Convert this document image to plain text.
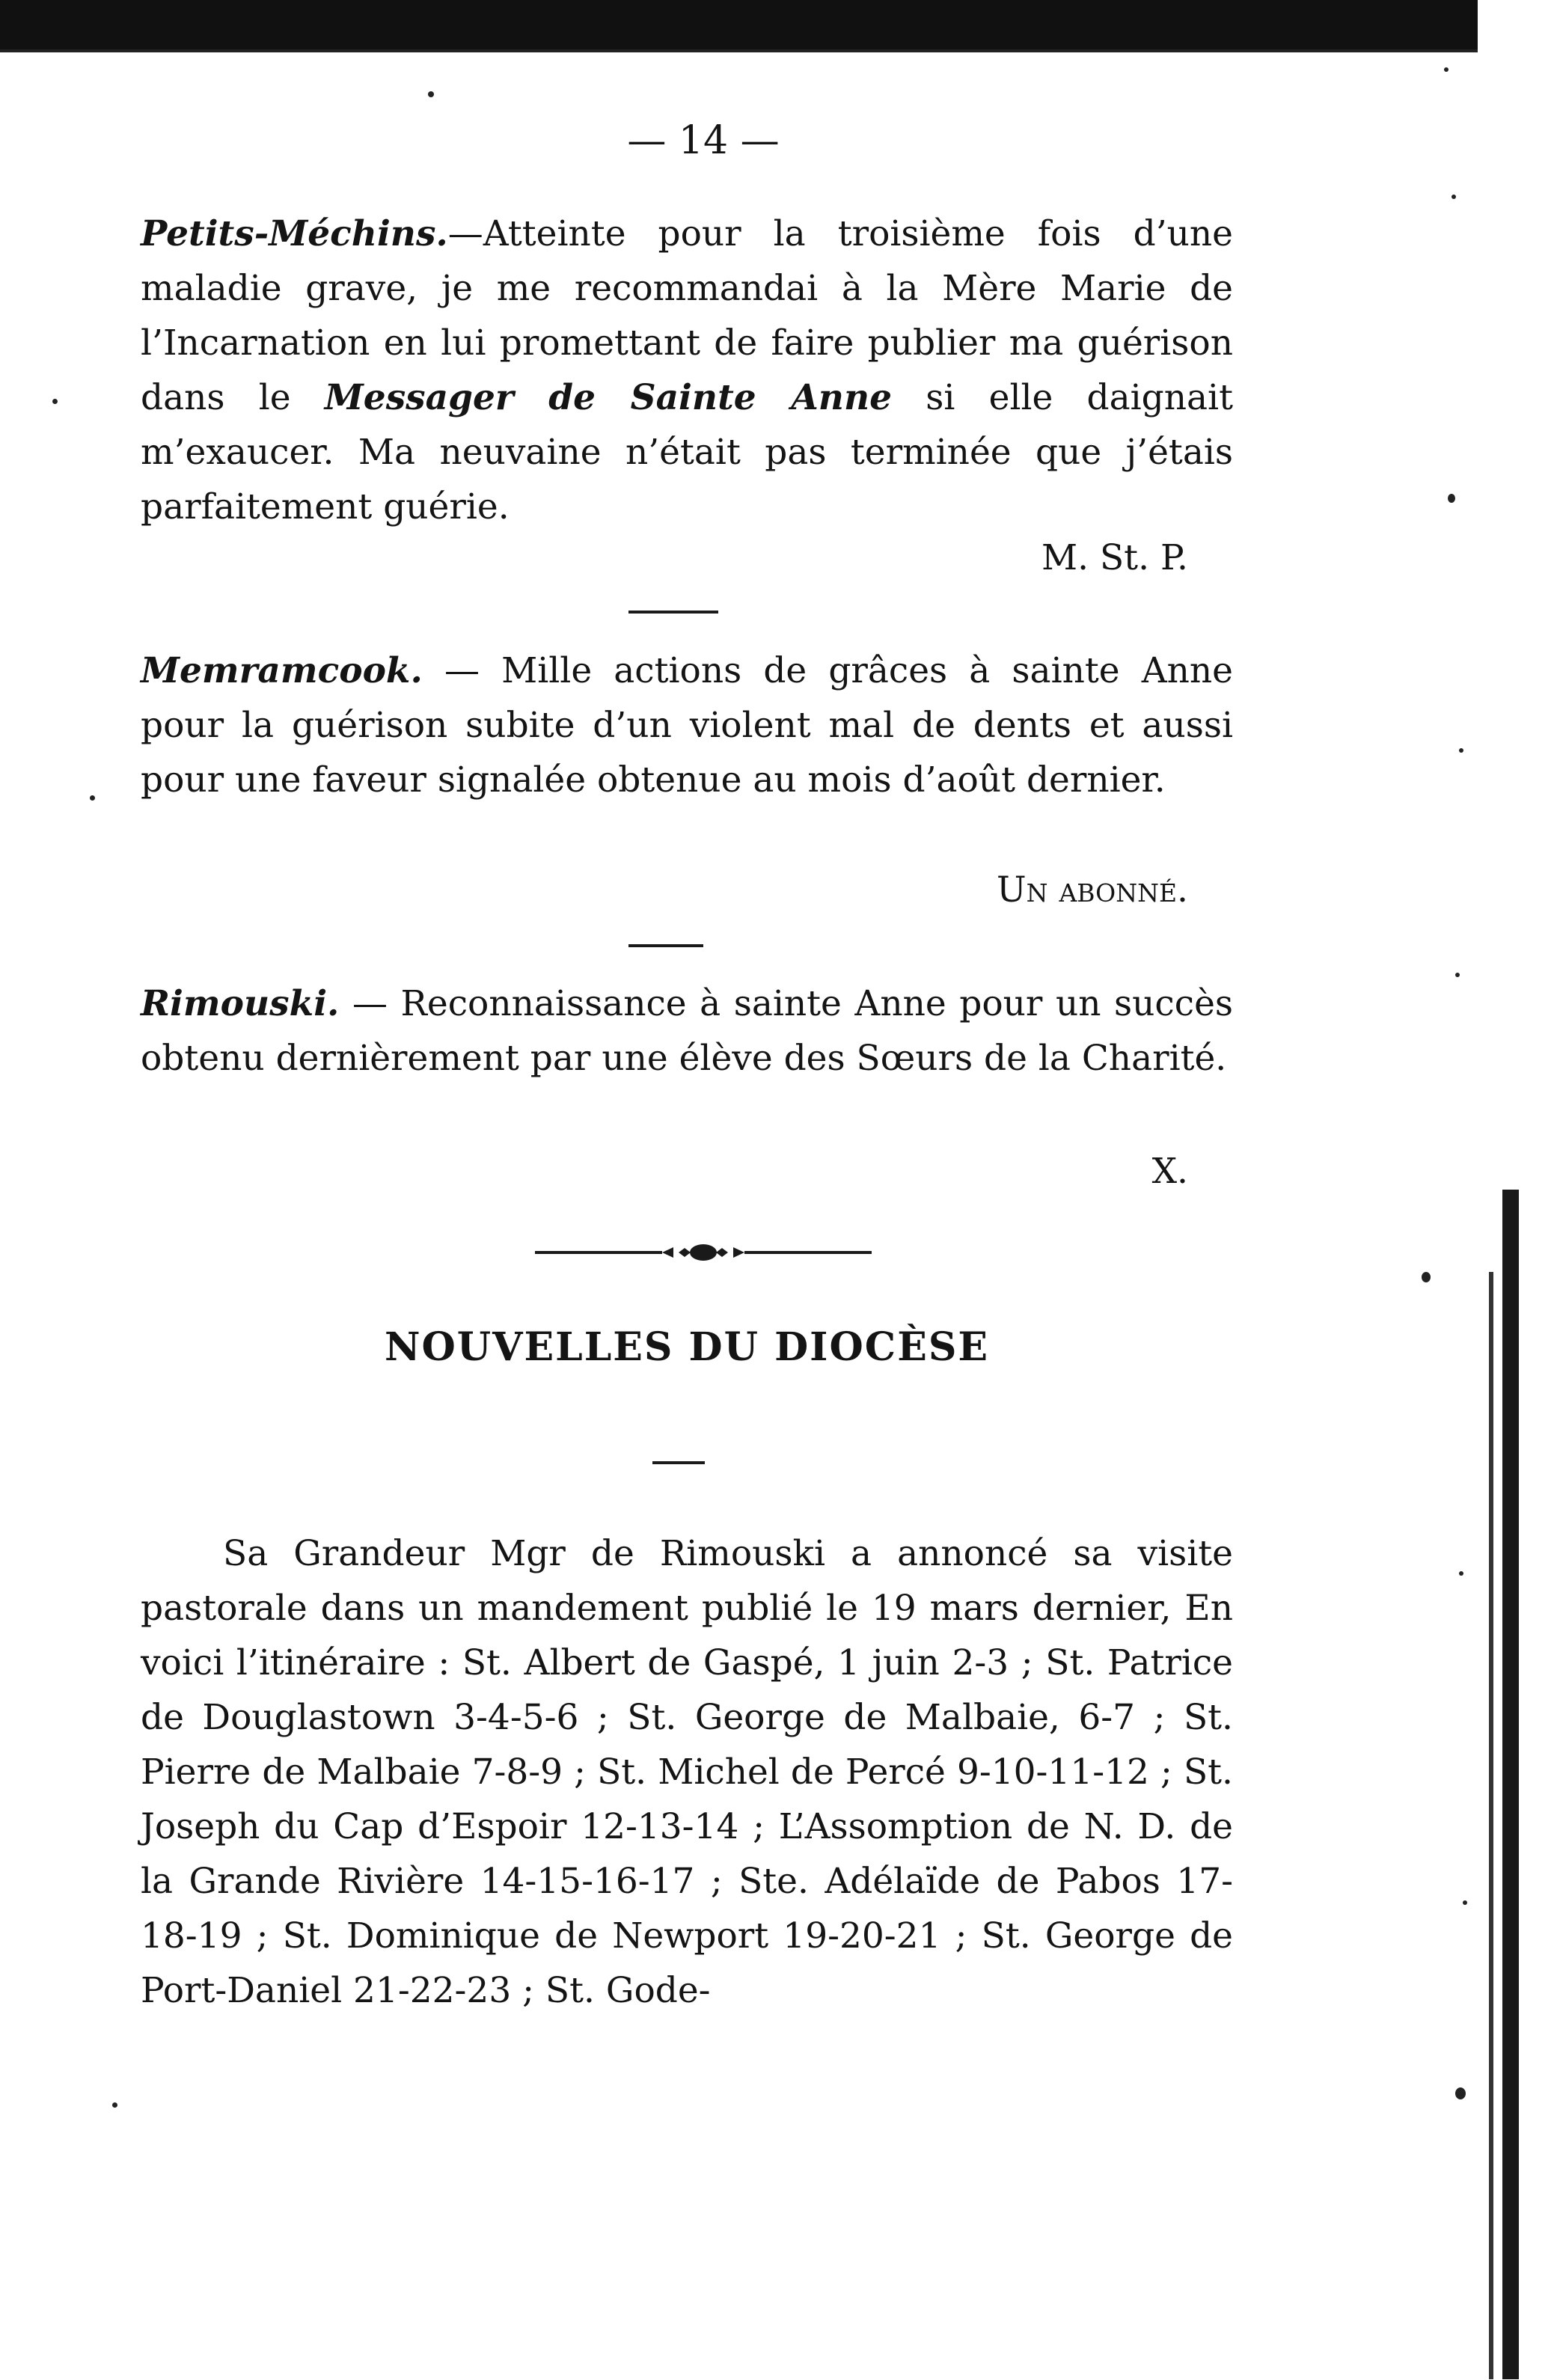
— 14 —
Petits-Méchins.—Atteinte pour la troisième fois d’une maladie grave, je me recommandai à la Mère Marie de l’Incarnation en lui promettant de faire publier ma guérison dans le Messager de Sainte Anne si elle daignait m’exaucer. Ma neuvaine n’était pas terminée que j’étais parfaitement guérie.
M. St. P.
Memramcook. — Mille actions de grâces à sainte Anne pour la guérison subite d’un violent mal de dents et aussi pour une faveur signalée obtenue au mois d’août dernier.
Un abonné.
Rimouski. — Reconnaissance à sainte Anne pour un succès obtenu dernièrement par une élève des Sœurs de la Charité.
X.
NOUVELLES DU DIOCÈSE
Sa Grandeur Mgr de Rimouski a annoncé sa visite pastorale dans un mandement publié le 19 mars dernier, En voici l’itinéraire : St. Albert de Gaspé, 1 juin 2-3 ; St. Patrice de Douglastown 3-4-5-6 ; St. George de Malbaie, 6-7 ; St. Pierre de Malbaie 7-8-9 ; St. Michel de Percé 9-10-11-12 ; St. Joseph du Cap d’Espoir 12-13-14 ; L’Assomption de N. D. de la Grande Rivière 14-15-16-17 ; Ste. Adélaïde de Pabos 17-18-19 ; St. Dominique de Newport 19-20-21 ; St. George de Port-Daniel 21-22-23 ; St. Gode-
